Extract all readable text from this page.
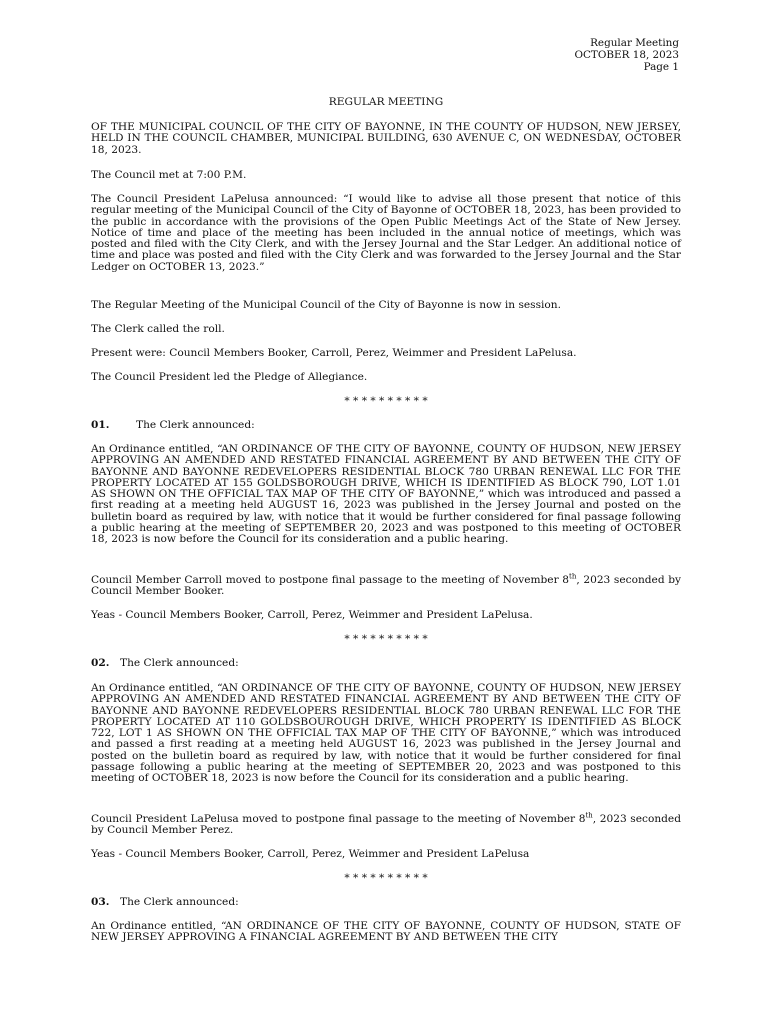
Regular Meeting
OCTOBER 18, 2023
Page 1

REGULAR MEETING

OF THE MUNICIPAL COUNCIL OF THE CITY OF BAYONNE, IN THE COUNTY OF HUDSON, NEW JERSEY, HELD IN THE COUNCIL CHAMBER, MUNICIPAL BUILDING, 630 AVENUE C, ON WEDNESDAY, OCTOBER 18, 2023.

The Council met at 7:00 P.M.

The Council President LaPelusa announced: “I would like to advise all those present that notice of this regular meeting of the Municipal Council of the City of Bayonne of OCTOBER 18, 2023, has been provided to the public in accordance with the provisions of the Open Public Meetings Act of the State of New Jersey. Notice of time and place of the meeting has been included in the annual notice of meetings, which was posted and filed with the City Clerk, and with the Jersey Journal and the Star Ledger. An additional notice of time and place was posted and filed with the City Clerk and was forwarded to the Jersey Journal and the Star Ledger on OCTOBER 13, 2023.”

The Regular Meeting of the Municipal Council of the City of Bayonne is now in session.

The Clerk called the roll.

Present were: Council Members Booker, Carroll, Perez, Weimmer and President LaPelusa.

The Council President led the Pledge of Allegiance.

* * * * * * * * * *

01.	The Clerk announced:

An Ordinance entitled, “AN ORDINANCE OF THE CITY OF BAYONNE, COUNTY OF HUDSON, NEW JERSEY APPROVING AN AMENDED AND RESTATED FINANCIAL AGREEMENT BY AND BETWEEN THE CITY OF BAYONNE AND BAYONNE REDEVELOPERS RESIDENTIAL BLOCK 780 URBAN RENEWAL LLC FOR THE PROPERTY LOCATED AT 155 GOLDSBOROUGH DRIVE, WHICH IS IDENTIFIED AS BLOCK 790, LOT 1.01 AS SHOWN ON THE OFFICIAL TAX MAP OF THE CITY OF BAYONNE,” which was introduced and passed a first reading at a meeting held AUGUST 16, 2023 was published in the Jersey Journal and posted on the bulletin board as required by law, with notice that it would be further considered for final passage following a public hearing at the meeting of SEPTEMBER 20, 2023 and was postponed to this meeting of OCTOBER 18, 2023 is now before the Council for its consideration and a public hearing.

Council Member Carroll moved to postpone final passage to the meeting of November 8th, 2023 seconded by Council Member Booker.

Yeas - Council Members Booker, Carroll, Perez, Weimmer and President LaPelusa.

* * * * * * * * * *

02. The Clerk announced:

An Ordinance entitled, “AN ORDINANCE OF THE CITY OF BAYONNE, COUNTY OF HUDSON, NEW JERSEY APPROVING AN AMENDED AND RESTATED FINANCIAL AGREEMENT BY AND BETWEEN THE CITY OF BAYONNE AND BAYONNE REDEVELOPERS RESIDENTIAL BLOCK 780 URBAN RENEWAL LLC FOR THE PROPERTY LOCATED AT 110 GOLDSBOUROUGH DRIVE, WHICH PROPERTY IS IDENTIFIED AS BLOCK 722, LOT 1 AS SHOWN ON THE OFFICIAL TAX MAP OF THE CITY OF BAYONNE,” which was introduced and passed a first reading at a meeting held AUGUST 16, 2023 was published in the Jersey Journal and posted on the bulletin board as required by law, with notice that it would be further considered for final passage following a public hearing at the meeting of SEPTEMBER 20, 2023 and was postponed to this meeting of OCTOBER 18, 2023 is now before the Council for its consideration and a public hearing.

Council President LaPelusa moved to postpone final passage to the meeting of November 8th, 2023 seconded by Council Member Perez.

Yeas - Council Members Booker, Carroll, Perez, Weimmer and President LaPelusa

* * * * * * * * * *

03. The Clerk announced:

An Ordinance entitled, “AN ORDINANCE OF THE CITY OF BAYONNE, COUNTY OF HUDSON, STATE OF NEW JERSEY APPROVING A FINANCIAL AGREEMENT BY AND BETWEEN THE CITY
